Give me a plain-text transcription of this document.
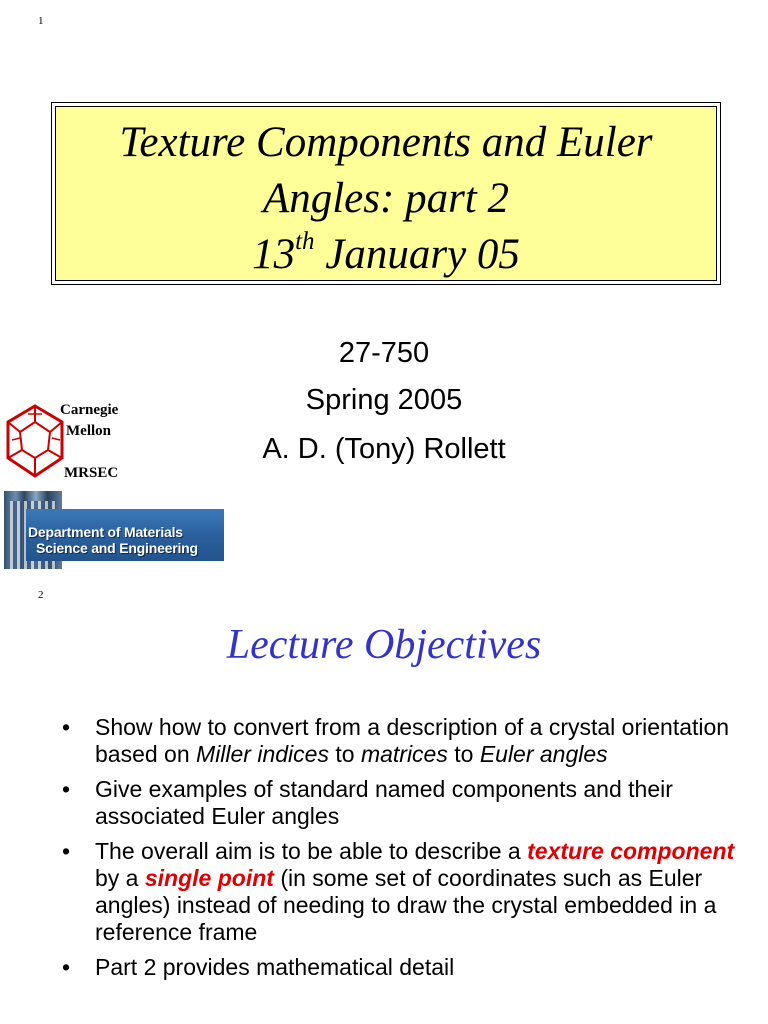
1
Texture Components and Euler
Angles: part 2
13th January 05
27-750
Spring 2005
A. D. (Tony) Rollett
Carnegie
Mellon
MRSEC
Department of Materials
Science and Engineering
2
Lecture Objectives
• Show how to convert from a description of a crystal orientation based on Miller indices to matrices to Euler angles
• Give examples of standard named components and their associated Euler angles
• The overall aim is to be able to describe a texture component by a single point (in some set of coordinates such as Euler angles) instead of needing to draw the crystal embedded in a reference frame
• Part 2 provides mathematical detail
